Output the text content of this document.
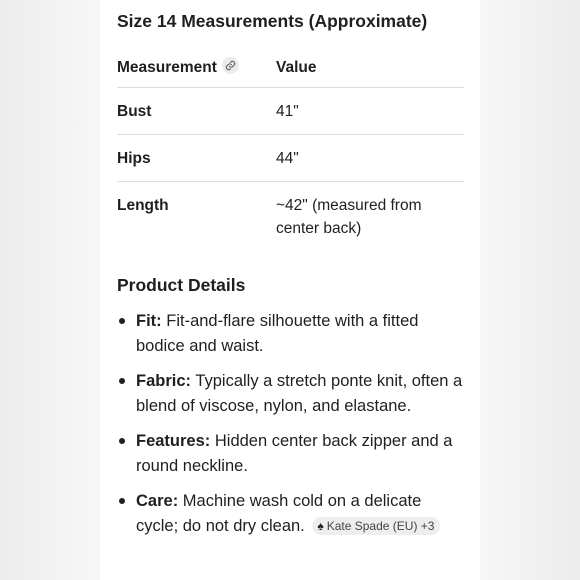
Size 14 Measurements (Approximate)
Measurement	Value
Bust	41"
Hips	44"
Length	~42" (measured from center back)
Product Details
Fit: Fit-and-flare silhouette with a fitted bodice and waist.
Fabric: Typically a stretch ponte knit, often a blend of viscose, nylon, and elastane.
Features: Hidden center back zipper and a round neckline.
Care: Machine wash cold on a delicate cycle; do not dry clean. ♠ Kate Spade (EU) +3
